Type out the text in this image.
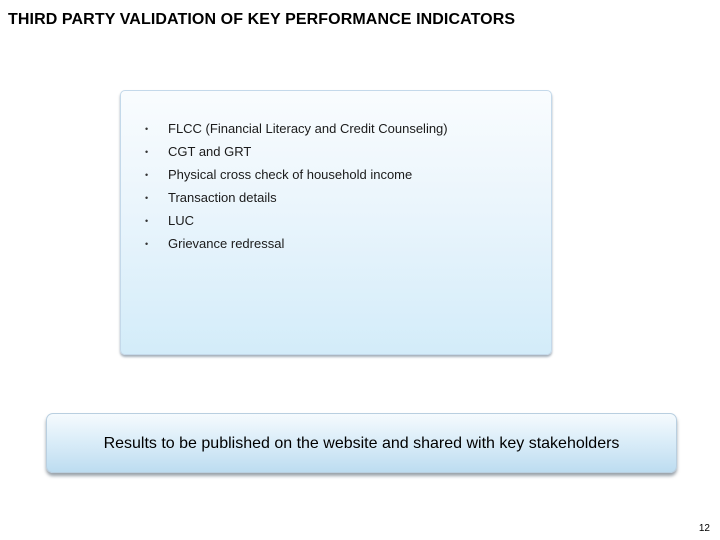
THIRD PARTY VALIDATION OF KEY PERFORMANCE INDICATORS
• FLCC (Financial Literacy and Credit Counseling)
• CGT and GRT
• Physical cross check of household income
• Transaction details
• LUC
• Grievance redressal
Results to be published on the website and shared with key stakeholders
12
